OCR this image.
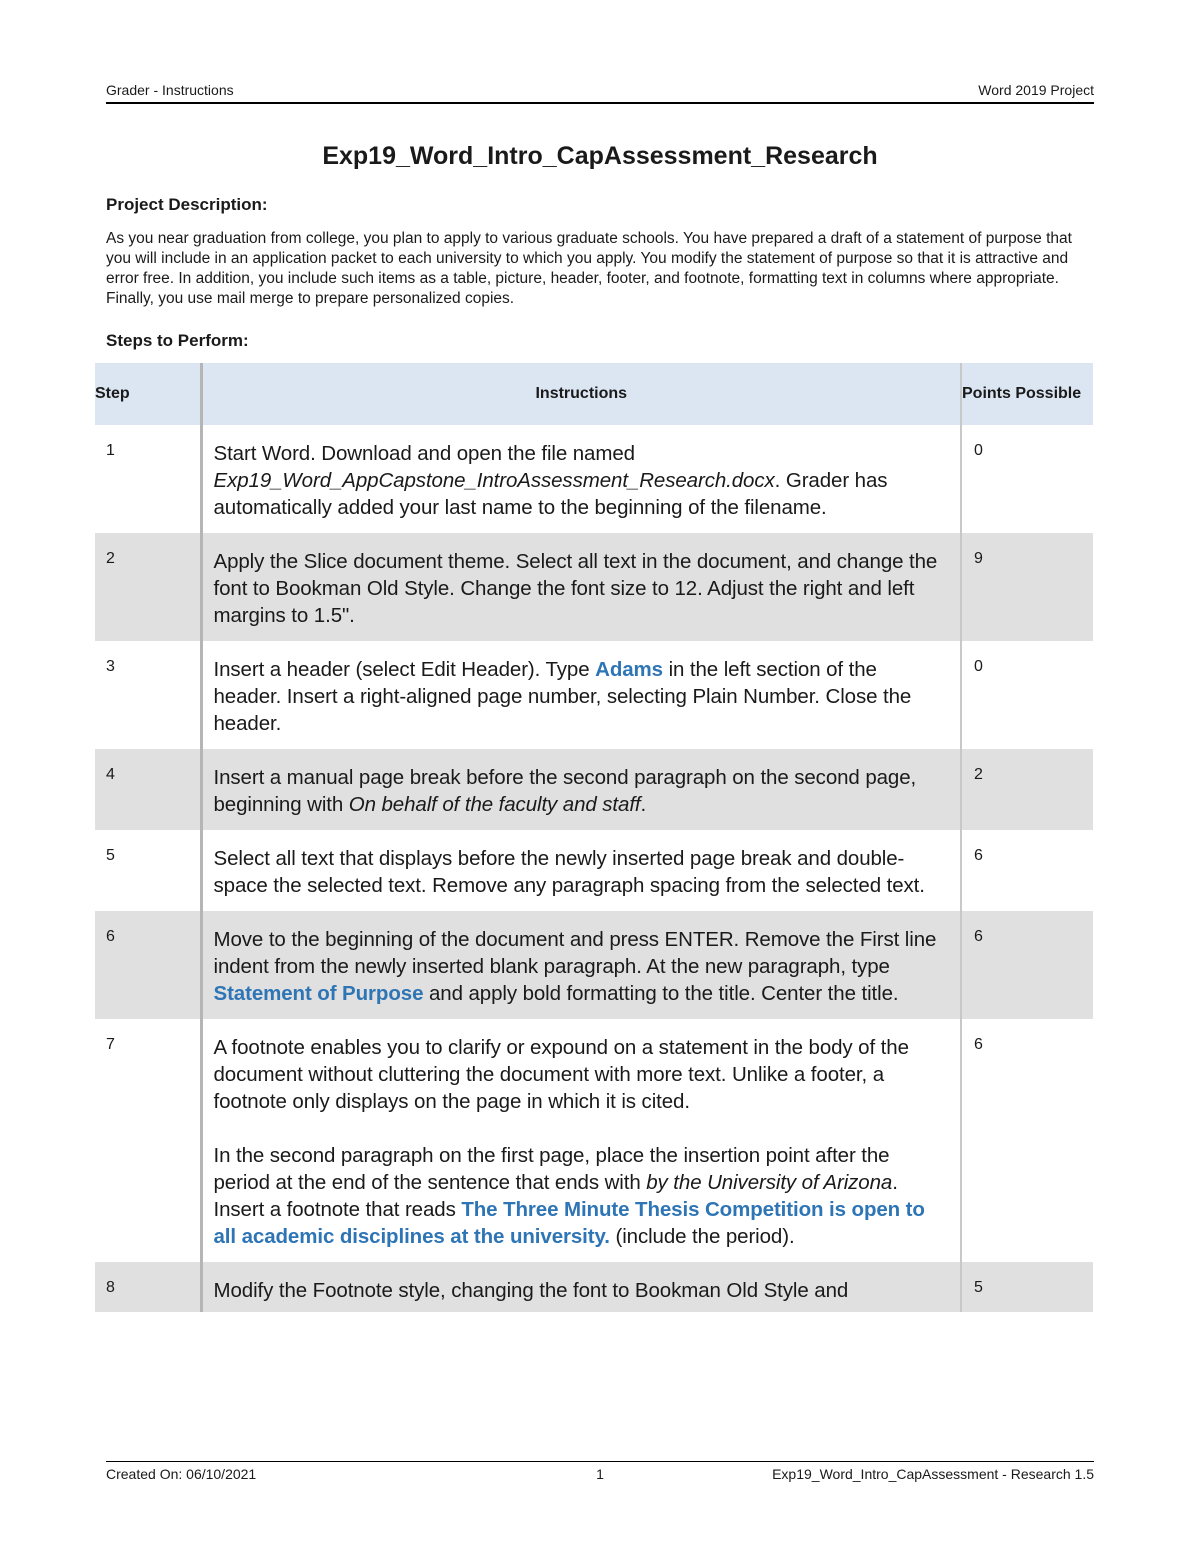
Grader - Instructions	Word 2019 Project
Exp19_Word_Intro_CapAssessment_Research
Project Description:
As you near graduation from college, you plan to apply to various graduate schools. You have prepared a draft of a statement of purpose that you will include in an application packet to each university to which you apply. You modify the statement of purpose so that it is attractive and error free. In addition, you include such items as a table, picture, header, footer, and footnote, formatting text in columns where appropriate. Finally, you use mail merge to prepare personalized copies.
Steps to Perform:
Step	Instructions	Points Possible
1	Start Word. Download and open the file named Exp19_Word_AppCapstone_IntroAssessment_Research.docx. Grader has automatically added your last name to the beginning of the filename.	0
2	Apply the Slice document theme. Select all text in the document, and change the font to Bookman Old Style. Change the font size to 12. Adjust the right and left margins to 1.5".	9
3	Insert a header (select Edit Header). Type Adams in the left section of the header. Insert a right-aligned page number, selecting Plain Number. Close the header.	0
4	Insert a manual page break before the second paragraph on the second page, beginning with On behalf of the faculty and staff.	2
5	Select all text that displays before the newly inserted page break and double-space the selected text. Remove any paragraph spacing from the selected text.	6
6	Move to the beginning of the document and press ENTER. Remove the First line indent from the newly inserted blank paragraph. At the new paragraph, type Statement of Purpose and apply bold formatting to the title. Center the title.	6
7	A footnote enables you to clarify or expound on a statement in the body of the document without cluttering the document with more text. Unlike a footer, a footnote only displays on the page in which it is cited.
In the second paragraph on the first page, place the insertion point after the period at the end of the sentence that ends with by the University of Arizona. Insert a footnote that reads The Three Minute Thesis Competition is open to all academic disciplines at the university. (include the period).	6
8	Modify the Footnote style, changing the font to Bookman Old Style and	5
Created On: 06/10/2021	1	Exp19_Word_Intro_CapAssessment - Research 1.5
